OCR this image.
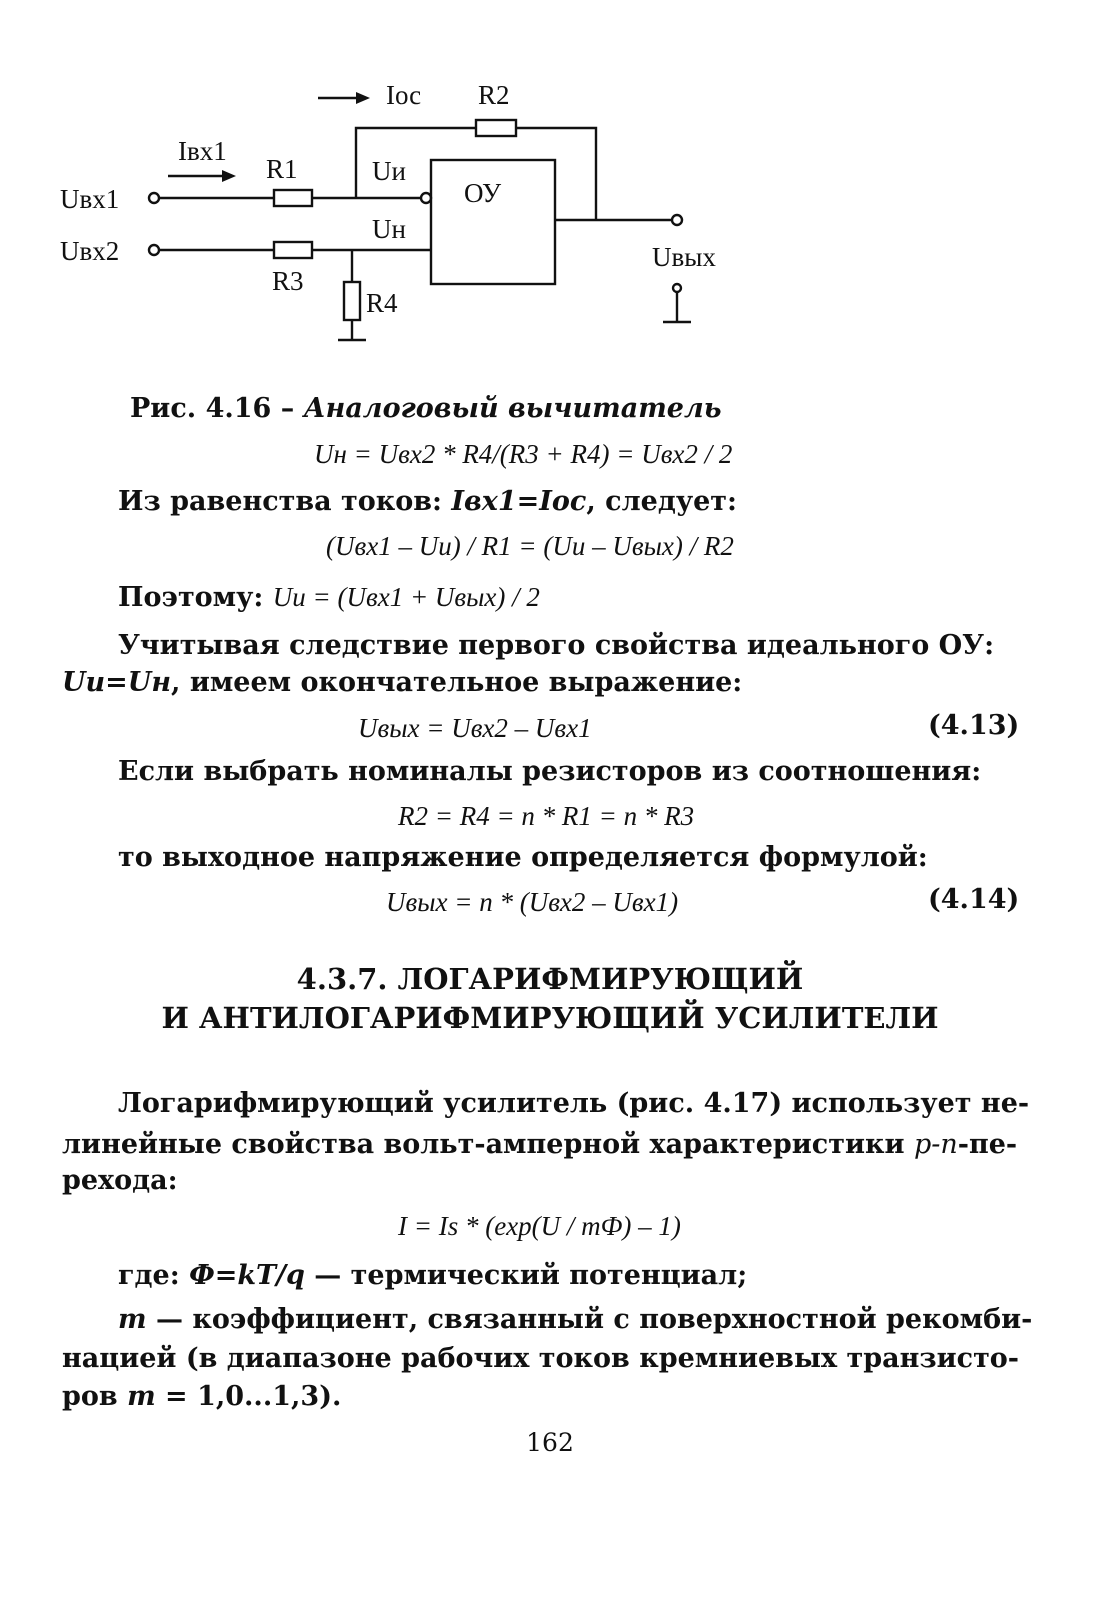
Iос R2
Uвх1
Iвх1
R1	Uи
ОУ
Uвх2
R3
Uн
R4
Uвых
Рис. 4.16 – Аналоговый вычитатель
Uн = Uвх2 * R4/(R3 + R4) = Uвх2 / 2
Из равенства токов: Iвх1=Iос, следует:
(Uвх1 – Uи) / R1 = (Uи – Uвых) / R2
Поэтому: Uи = (Uвх1 + Uвых) / 2
Учитывая следствие первого свойства идеального ОУ:
Uи=Uн, имеем окончательное выражение:
Uвых = Uвх2 – Uвх1	(4.13)
Если выбрать номиналы резисторов из соотношения:
R2 = R4 = n * R1 = n * R3
то выходное напряжение определяется формулой:
Uвых = n * (Uвх2 – Uвх1)	(4.14)
4.3.7. ЛОГАРИФМИРУЮЩИЙ
И АНТИЛОГАРИФМИРУЮЩИЙ УСИЛИТЕЛИ
Логарифмирующий усилитель (рис. 4.17) использует не-
линейные свойства вольт-амперной характеристики p-n-пе-
рехода:
I = Is * (exp(U / mФ) – 1)
где: Ф=kT/q — термический потенциал;
m — коэффициент, связанный с поверхностной рекомби-
нацией (в диапазоне рабочих токов кремниевых транзисто-
ров m = 1,0...1,3).
162
